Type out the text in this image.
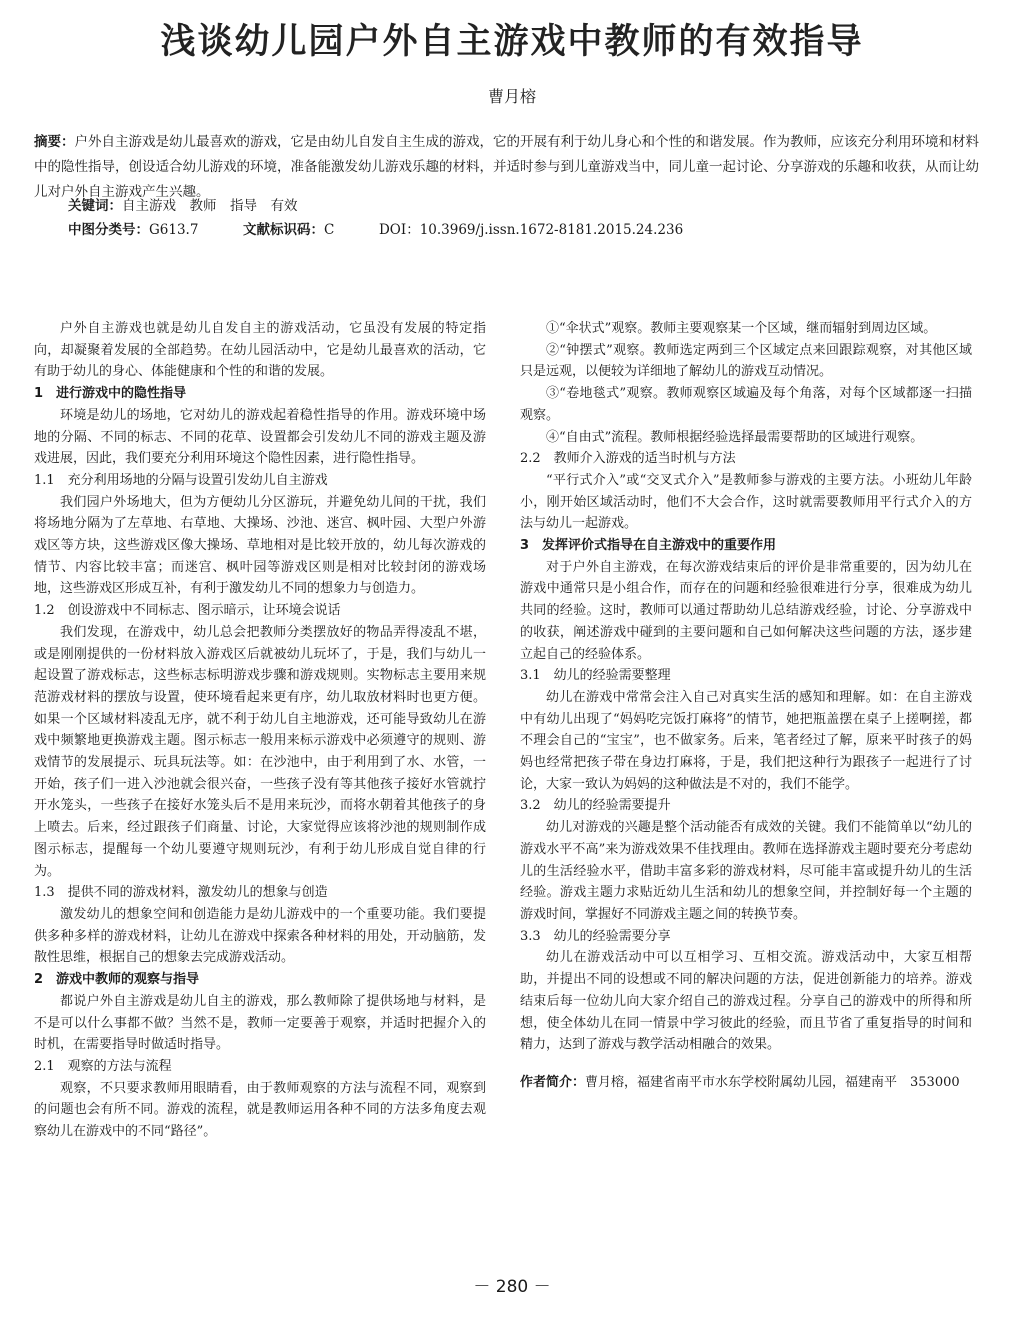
浅谈幼儿园户外自主游戏中教师的有效指导
曹月榕
摘要：户外自主游戏是幼儿最喜欢的游戏，它是由幼儿自发自主生成的游戏，它的开展有利于幼儿身心和个性的和谐发展。作为教师，应该充分利用环境和材料中的隐性指导，创设适合幼儿游戏的环境，准备能激发幼儿游戏乐趣的材料，并适时参与到儿童游戏当中，同儿童一起讨论、分享游戏的乐趣和收获，从而让幼儿对户外自主游戏产生兴趣。
关键词：自主游戏　教师　指导　有效
中图分类号：G613.7	文献标识码：C	DOI：10.3969/j.issn.1672-8181.2015.24.236

户外自主游戏也就是幼儿自发自主的游戏活动，它虽没有发展的特定指向，却凝聚着发展的全部趋势。在幼儿园活动中，它是幼儿最喜欢的活动，它有助于幼儿的身心、体能健康和个性的和谐的发展。

1　进行游戏中的隐性指导

环境是幼儿的场地，它对幼儿的游戏起着稳性指导的作用。游戏环境中场地的分隔、不同的标志、不同的花草、设置都会引发幼儿不同的游戏主题及游戏进展，因此，我们要充分利用环境这个隐性因素，进行隐性指导。

1.1　充分利用场地的分隔与设置引发幼儿自主游戏

我们园户外场地大，但为方便幼儿分区游玩，并避免幼儿间的干扰，我们将场地分隔为了左草地、右草地、大操场、沙池、迷宫、枫叶园、大型户外游戏区等方块，这些游戏区像大操场、草地相对是比较开放的，幼儿每次游戏的情节、内容比较丰富；而迷宫、枫叶园等游戏区则是相对比较封闭的游戏场地，这些游戏区形成互补，有利于激发幼儿不同的想象力与创造力。

1.2　创设游戏中不同标志、图示暗示，让环境会说话

我们发现，在游戏中，幼儿总会把教师分类摆放好的物品弄得凌乱不堪，或是刚刚提供的一份材料放入游戏区后就被幼儿玩坏了，于是，我们与幼儿一起设置了游戏标志，这些标志标明游戏步骤和游戏规则。实物标志主要用来规范游戏材料的摆放与设置，使环境看起来更有序，幼儿取放材料时也更方便。如果一个区域材料凌乱无序，就不利于幼儿自主地游戏，还可能导致幼儿在游戏中频繁地更换游戏主题。图示标志一般用来标示游戏中必须遵守的规则、游戏情节的发展提示、玩具玩法等。如：在沙池中，由于利用到了水、水管，一开始，孩子们一进入沙池就会很兴奋，一些孩子没有等其他孩子接好水管就拧开水笼头，一些孩子在接好水笼头后不是用来玩沙，而将水朝着其他孩子的身上喷去。后来，经过跟孩子们商量、讨论，大家觉得应该将沙池的规则制作成图示标志，提醒每一个幼儿要遵守规则玩沙，有利于幼儿形成自觉自律的行为。

1.3　提供不同的游戏材料，激发幼儿的想象与创造

激发幼儿的想象空间和创造能力是幼儿游戏中的一个重要功能。我们要提供多种多样的游戏材料，让幼儿在游戏中探索各种材料的用处，开动脑筋，发散性思维，根据自己的想象去完成游戏活动。

2　游戏中教师的观察与指导

都说户外自主游戏是幼儿自主的游戏，那么教师除了提供场地与材料，是不是可以什么事都不做？当然不是，教师一定要善于观察，并适时把握介入的时机，在需要指导时做适时指导。

2.1　观察的方法与流程

观察，不只要求教师用眼睛看，由于教师观察的方法与流程不同，观察到的问题也会有所不同。游戏的流程，就是教师运用各种不同的方法多角度去观察幼儿在游戏中的不同“路径”。

①“伞状式”观察。教师主要观察某一个区域，继而辐射到周边区域。

②“钟摆式”观察。教师选定两到三个区域定点来回跟踪观察，对其他区域只是远观，以便较为详细地了解幼儿的游戏互动情况。

③“卷地毯式”观察。教师观察区域遍及每个角落，对每个区域都逐一扫描观察。

④“自由式”流程。教师根据经验选择最需要帮助的区域进行观察。

2.2　教师介入游戏的适当时机与方法

“平行式介入”或“交叉式介入”是教师参与游戏的主要方法。小班幼儿年龄小，刚开始区域活动时，他们不大会合作，这时就需要教师用平行式介入的方法与幼儿一起游戏。

3　发挥评价式指导在自主游戏中的重要作用

对于户外自主游戏，在每次游戏结束后的评价是非常重要的，因为幼儿在游戏中通常只是小组合作，而存在的问题和经验很难进行分享，很难成为幼儿共同的经验。这时，教师可以通过帮助幼儿总结游戏经验，讨论、分享游戏中的收获，阐述游戏中碰到的主要问题和自己如何解决这些问题的方法，逐步建立起自己的经验体系。

3.1　幼儿的经验需要整理

幼儿在游戏中常常会注入自己对真实生活的感知和理解。如：在自主游戏中有幼儿出现了“妈妈吃完饭打麻将”的情节，她把瓶盖摆在桌子上搓啊搓，都不理会自己的“宝宝”，也不做家务。后来，笔者经过了解，原来平时孩子的妈妈也经常把孩子带在身边打麻将，于是，我们把这种行为跟孩子一起进行了讨论，大家一致认为妈妈的这种做法是不对的，我们不能学。

3.2　幼儿的经验需要提升

幼儿对游戏的兴趣是整个活动能否有成效的关键。我们不能简单以“幼儿的游戏水平不高”来为游戏效果不佳找理由。教师在选择游戏主题时要充分考虑幼儿的生活经验水平，借助丰富多彩的游戏材料，尽可能丰富或提升幼儿的生活经验。游戏主题力求贴近幼儿生活和幼儿的想象空间，并控制好每一个主题的游戏时间，掌握好不同游戏主题之间的转换节奏。

3.3　幼儿的经验需要分享

幼儿在游戏活动中可以互相学习、互相交流。游戏活动中，大家互相帮助，并提出不同的设想或不同的解决问题的方法，促进创新能力的培养。游戏结束后每一位幼儿向大家介绍自己的游戏过程。分享自己的游戏中的所得和所想，使全体幼儿在同一情景中学习彼此的经验，而且节省了重复指导的时间和精力，达到了游戏与教学活动相融合的效果。

作者简介：曹月榕，福建省南平市水东学校附属幼儿园，福建南平　353000

－ 280 －
